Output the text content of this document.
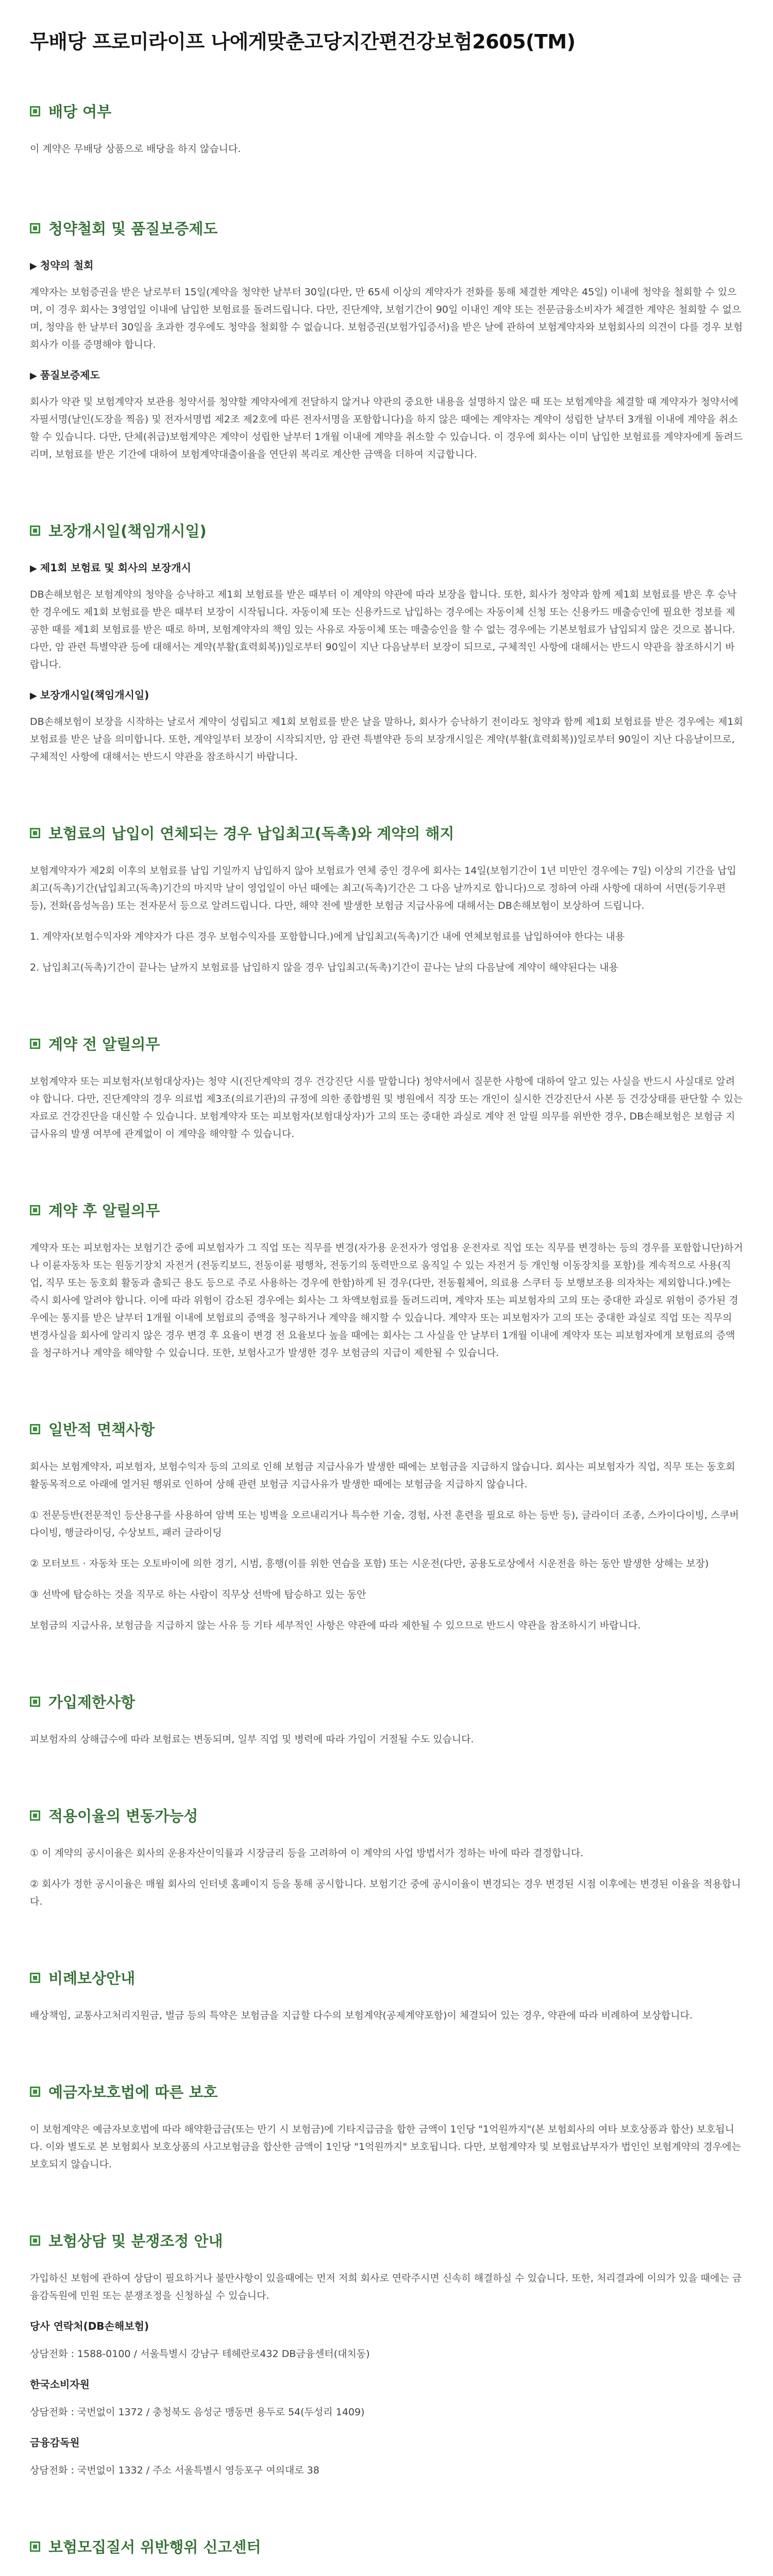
무배당 프로미라이프 나에게맞춘고당지간편건강보험2605(TM)
배당 여부

이 계약은 무배당 상품으로 배당을 하지 않습니다.

청약철회 및 품질보증제도
▶ 청약의 철회

계약자는 보험증권을 받은 날로부터 15일(계약을 청약한 날부터 30일(다만, 만 65세 이상의 계약자가 전화를 통해 체결한 계약은 45일) 이내에 청약을 철회할 수 있으며, 이 경우 회사는 3영업일 이내에 납입한 보험료를 돌려드립니다. 다만, 진단계약, 보험기간이 90일 이내인 계약 또는 전문금융소비자가 체결한 계약은 철회할 수 없으며, 청약을 한 날부터 30일을 초과한 경우에도 청약을 철회할 수 없습니다. 보험증권(보험가입증서)을 받은 날에 관하여 보험계약자와 보험회사의 의견이 다를 경우 보험회사가 이를 증명해야 합니다.

▶ 품질보증제도

회사가 약관 및 보험계약자 보관용 청약서를 청약할 계약자에게 전달하지 않거나 약관의 중요한 내용을 설명하지 않은 때 또는 보험계약을 체결할 때 계약자가 청약서에 자필서명(날인(도장을 찍음) 및 전자서명법 제2조 제2호에 따른 전자서명을 포함합니다)을 하지 않은 때에는 계약자는 계약이 성립한 날부터 3개월 이내에 계약을 취소할 수 있습니다. 다만, 단체(취급)보험계약은 계약이 성립한 날부터 1개월 이내에 계약을 취소할 수 있습니다. 이 경우에 회사는 이미 납입한 보험료를 계약자에게 돌려드리며, 보험료를 받은 기간에 대하여 보험계약대출이율을 연단위 복리로 계산한 금액을 더하여 지급합니다.

보장개시일(책임개시일)
▶ 제1회 보험료 및 회사의 보장개시

DB손해보험은 보험계약의 청약을 승낙하고 제1회 보험료를 받은 때부터 이 계약의 약관에 따라 보장을 합니다. 또한, 회사가 청약과 함께 제1회 보험료를 받은 후 승낙한 경우에도 제1회 보험료를 받은 때부터 보장이 시작됩니다. 자동이체 또는 신용카드로 납입하는 경우에는 자동이체 신청 또는 신용카드 매출승인에 필요한 정보를 제공한 때를 제1회 보험료를 받은 때로 하며, 보험계약자의 책임 있는 사유로 자동이체 또는 매출승인을 할 수 없는 경우에는 기본보험료가 납입되지 않은 것으로 봅니다. 다만, 암 관련 특별약관 등에 대해서는 계약(부활(효력회복))일로부터 90일이 지난 다음날부터 보장이 되므로, 구체적인 사항에 대해서는 반드시 약관을 참조하시기 바랍니다.

▶ 보장개시일(책임개시일)

DB손해보험이 보장을 시작하는 날로서 계약이 성립되고 제1회 보험료를 받은 날을 말하나, 회사가 승낙하기 전이라도 청약과 함께 제1회 보험료를 받은 경우에는 제1회 보험료를 받은 날을 의미합니다. 또한, 계약일부터 보장이 시작되지만, 암 관련 특별약관 등의 보장개시일은 계약(부활(효력회복))일로부터 90일이 지난 다음날이므로, 구체적인 사항에 대해서는 반드시 약관을 참조하시기 바랍니다.

보험료의 납입이 연체되는 경우 납입최고(독촉)와 계약의 해지

보험계약자가 제2회 이후의 보험료를 납입 기일까지 납입하지 않아 보험료가 연체 중인 경우에 회사는 14일(보험기간이 1년 미만인 경우에는 7일) 이상의 기간을 납입최고(독촉)기간(납입최고(독촉)기간의 마지막 날이 영업일이 아닌 때에는 최고(독촉)기간은 그 다음 날까지로 합니다)으로 정하여 아래 사항에 대하여 서면(등기우편 등), 전화(음성녹음) 또는 전자문서 등으로 알려드립니다. 다만, 해약 전에 발생한 보험금 지급사유에 대해서는 DB손해보험이 보상하여 드립니다.

1. 계약자(보험수익자와 계약자가 다른 경우 보험수익자를 포함합니다.)에게 납입최고(독촉)기간 내에 연체보험료를 납입하여야 한다는 내용

2. 납입최고(독촉)기간이 끝나는 날까지 보험료를 납입하지 않을 경우 납입최고(독촉)기간이 끝나는 날의 다음날에 계약이 해약된다는 내용

계약 전 알릴의무

보험계약자 또는 피보험자(보험대상자)는 청약 시(진단계약의 경우 건강진단 시를 말합니다) 청약서에서 질문한 사항에 대하여 알고 있는 사실을 반드시 사실대로 알려야 합니다. 다만, 진단계약의 경우 의료법 제3조(의료기관)의 규정에 의한 종합병원 및 병원에서 직장 또는 개인이 실시한 건강진단서 사본 등 건강상태를 판단할 수 있는 자료로 건강진단을 대신할 수 있습니다. 보험계약자 또는 피보험자(보험대상자)가 고의 또는 중대한 과실로 계약 전 알릴 의무를 위반한 경우, DB손해보험은 보험금 지급사유의 발생 여부에 관계없이 이 계약을 해약할 수 있습니다.

계약 후 알릴의무

계약자 또는 피보험자는 보험기간 중에 피보험자가 그 직업 또는 직무를 변경(자가용 운전자가 영업용 운전자로 직업 또는 직무를 변경하는 등의 경우를 포함합니단)하거나 이륜자동차 또는 원동기장치 자전거 (전동킥보드, 전동이륜 평행차, 전동기의 동력만으로 움직일 수 있는 자전거 등 개인형 이동장치를 포함)를 계속적으로 사용(직업, 직무 또는 동호회 활동과 출퇴근 용도 등으로 주로 사용하는 경우에 한함)하게 된 경우(다만, 전동휠체어, 의료용 스쿠터 등 보행보조용 의자차는 제외합니다.)에는 즉시 회사에 알려야 합니다. 이에 따라 위험이 감소된 경우에는 회사는 그 차액보험료를 돌려드리며, 계약자 또는 피보험자의 고의 또는 중대한 과실로 위험이 증가된 경우에는 통지를 받은 날부터 1개월 이내에 보험료의 증액을 청구하거나 계약을 해지할 수 있습니다. 계약자 또는 피보험자가 고의 또는 중대한 과실로 직업 또는 직무의 변경사실을 회사에 알리지 않은 경우 변경 후 요율이 변경 전 요율보다 높을 때에는 회사는 그 사실을 안 날부터 1개월 이내에 계약자 또는 피보험자에게 보험료의 증액을 청구하거나 계약을 해약할 수 있습니다. 또한, 보험사고가 발생한 경우 보험금의 지급이 제한될 수 있습니다.

일반적 면책사항

회사는 보험계약자, 피보험자, 보험수익자 등의 고의로 인해 보험금 지급사유가 발생한 때에는 보험금을 지급하지 않습니다. 회사는 피보험자가 직업, 직무 또는 동호회 활동목적으로 아래에 열거된 행위로 인하여 상해 관련 보험금 지급사유가 발생한 때에는 보험금을 지급하지 않습니다.

① 전문등반(전문적인 등산용구를 사용하여 암벽 또는 빙벽을 오르내리거나 특수한 기술, 경험, 사전 훈련을 필요로 하는 등반 등), 글라이더 조종, 스카이다이빙, 스쿠버다이빙, 행글라이딩, 수상보트, 패러 글라이딩

② 모터보트 · 자동차 또는 오토바이에 의한 경기, 시범, 흥행(이를 위한 연습을 포함) 또는 시운전(다만, 공용도로상에서 시운전을 하는 동안 발생한 상해는 보장)

③ 선박에 탑승하는 것을 직무로 하는 사람이 직무상 선박에 탑승하고 있는 동안

보험금의 지급사유, 보험금을 지급하지 않는 사유 등 기타 세부적인 사항은 약관에 따라 제한될 수 있으므로 반드시 약관을 참조하시기 바랍니다.

가입제한사항

피보험자의 상해급수에 따라 보험료는 변동되며, 일부 직업 및 병력에 따라 가입이 거절될 수도 있습니다.

적용이율의 변동가능성

① 이 계약의 공시이율은 회사의 운용자산이익률과 시장금리 등을 고려하여 이 계약의 사업 방법서가 정하는 바에 따라 결정합니다.

② 회사가 정한 공시이율은 매월 회사의 인터넷 홈페이지 등을 통해 공시합니다. 보험기간 중에 공시이율이 변경되는 경우 변경된 시점 이후에는 변경된 이율을 적용합니다.

비례보상안내

배상책임, 교통사고처리지원금, 벌금 등의 특약은 보험금을 지급할 다수의 보험계약(공제계약포함)이 체결되어 있는 경우, 약관에 따라 비례하여 보상합니다.

예금자보호법에 따른 보호

이 보험계약은 예금자보호법에 따라 해약환급금(또는 만기 시 보험금)에 기타지급금을 합한 금액이 1인당 "1억원까지"(본 보험회사의 여타 보호상품과 합산) 보호됩니다. 이와 별도로 본 보험회사 보호상품의 사고보험금을 합산한 금액이 1인당 "1억원까지" 보호됩니다. 다만, 보험계약자 및 보험료납부자가 법인인 보험계약의 경우에는 보호되지 않습니다.

보험상담 및 분쟁조정 안내

가입하신 보험에 관하여 상담이 필요하거나 불만사항이 있을때에는 먼저 저희 회사로 연락주시면 신속히 해결하실 수 있습니다. 또한, 처리결과에 이의가 있을 때에는 금융감독원에 민원 또는 분쟁조정을 신청하실 수 있습니다.

당사 연락처(DB손해보험)

상담전화 : 1588-0100 / 서울특별시 강남구 테헤란로432 DB금융센터(대치동)

한국소비자원

상담전화 : 국번없이 1372 / 충청북도 음성군 맹동면 용두로 54(두성리 1409)

금융감독원

상담전화 : 국번없이 1332 / 주소 서울특별시 영등포구 여의대로 38

보험모집질서 위반행위 신고센터
